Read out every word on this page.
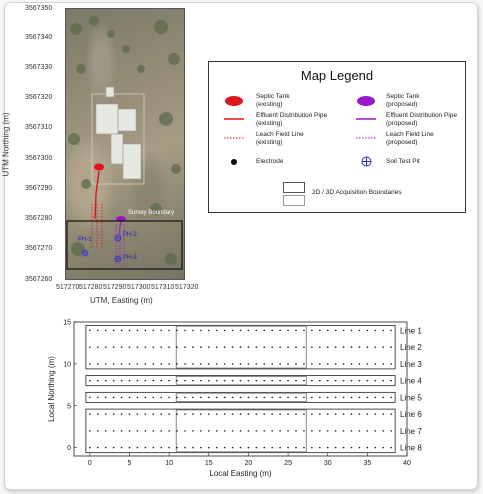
Survey Boundary
PH-1
PH-2
PH-3
3567350
3567340
3567330
3567320
3567310
3567300
3567290
3567280
3567270
3567260
517270 517280 517290 517300 517310 517320
UTM, Easting (m)
UTM Northing (m)
Map Legend
Septic Tank
(existing)
Septic Tank
(proposed)
Effluent Distribution Pipe
(existing)
Effluent Distribution Pipe
(proposed)
Leach Field Line
(existing)
Leach Field Line
(proposed)
Electrode	Soil Test Pit
2D / 3D Acquisition Boundaries
Line 1
Line 2
Line 3
Line 4
Line 5
Line 6
Line 7
Line 8
0	5	10	15	20	25	30	35	40
0
5
10
15
Local Easting (m)
Local Northing (m)
